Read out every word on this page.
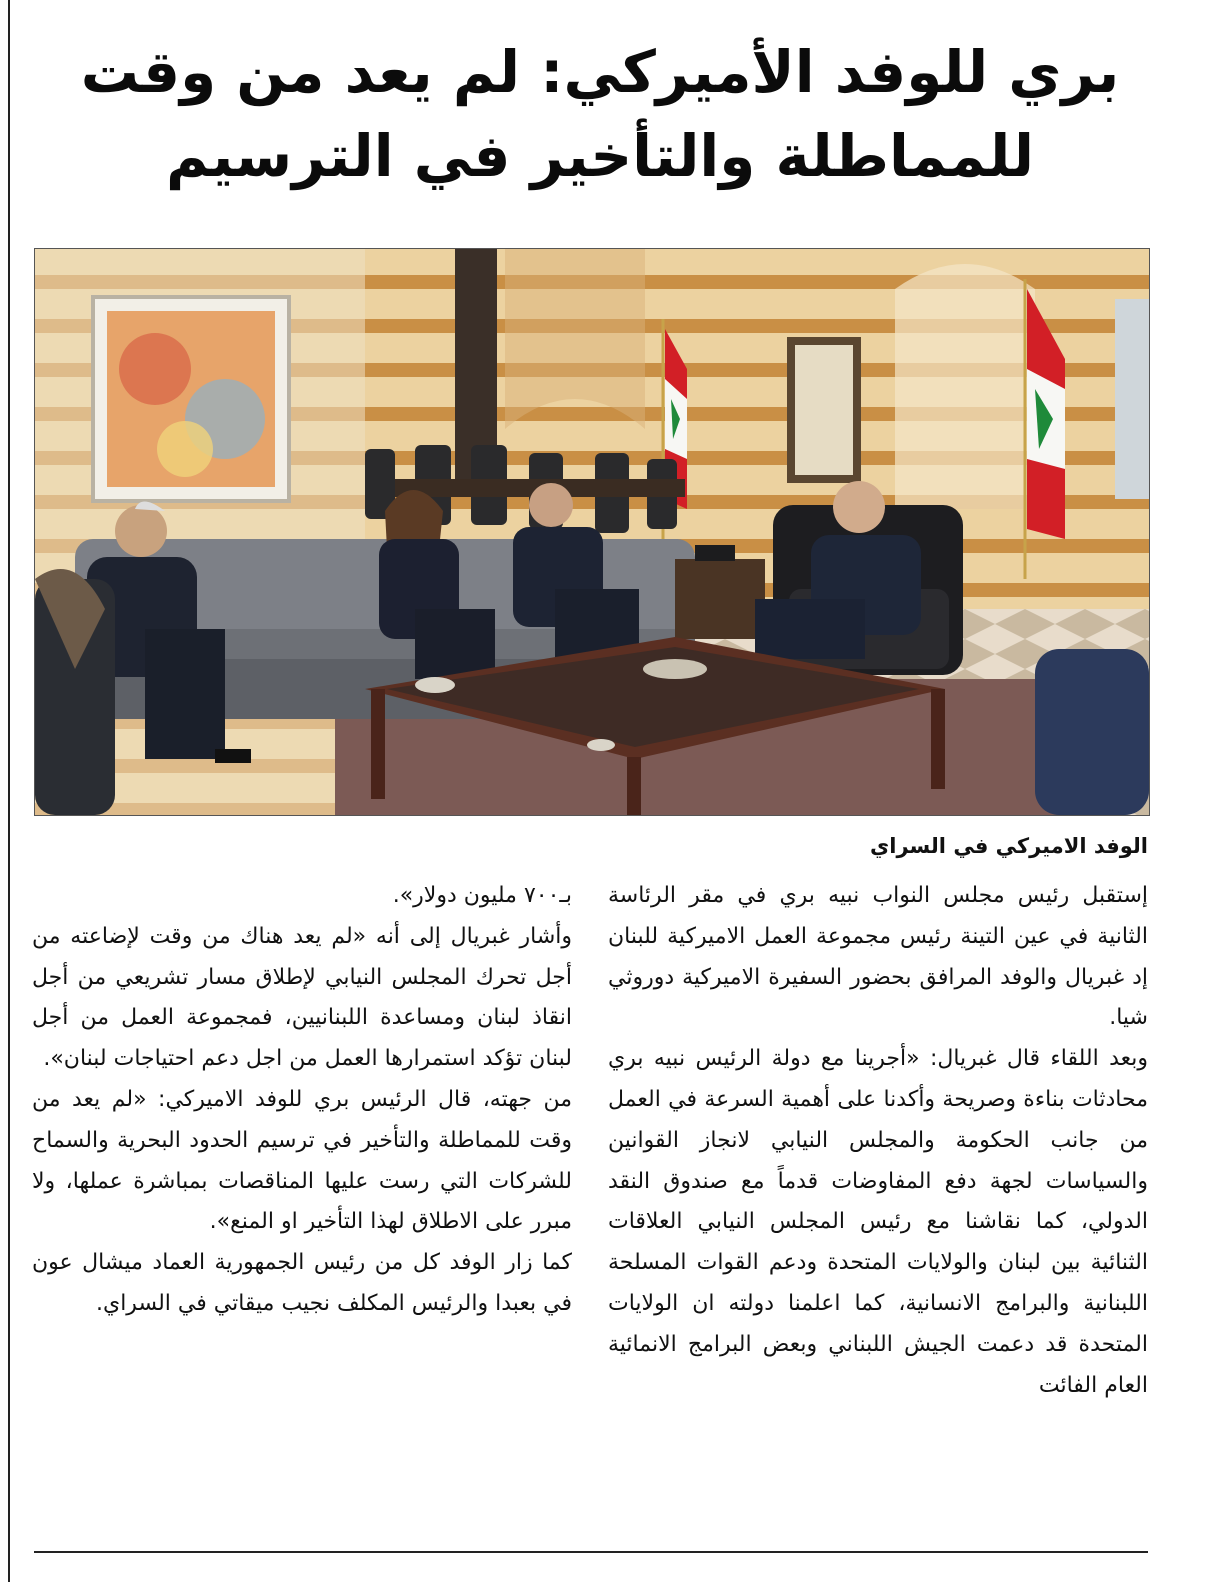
بري للوفد الأميركي: لم يعد من وقت
للمماطلة والتأخير في الترسيم
الوفد الاميركي في السراي

إستقبل رئيس مجلس النواب نبيه بري في مقر الرئاسة الثانية في عين التينة رئيس مجموعة العمل الاميركية للبنان إد غبريال والوفد المرافق بحضور السفيرة الاميركية دوروثي شيا.

وبعد اللقاء قال غبريال: «أجرينا مع دولة الرئيس نبيه بري محادثات بناءة وصريحة وأكدنا على أهمية السرعة في العمل من جانب الحكومة والمجلس النيابي لانجاز القوانين والسياسات لجهة دفع المفاوضات قدماً مع صندوق النقد الدولي، كما نقاشنا مع رئيس المجلس النيابي العلاقات الثنائية بين لبنان والولايات المتحدة ودعم القوات المسلحة اللبنانية والبرامج الانسانية، كما اعلمنا دولته ان الولايات المتحدة قد دعمت الجيش اللبناني وبعض البرامج الانمائية العام الفائت

بـ٧٠٠ مليون دولار».

وأشار غبريال إلى أنه «لم يعد هناك من وقت لإضاعته من أجل تحرك المجلس النيابي لإطلاق مسار تشريعي من أجل انقاذ لبنان ومساعدة اللبنانيين، فمجموعة العمل من أجل لبنان تؤكد استمرارها العمل من اجل دعم احتياجات لبنان».

من جهته، قال الرئيس بري للوفد الاميركي: «لم يعد من وقت للمماطلة والتأخير في ترسيم الحدود البحرية والسماح للشركات التي رست عليها المناقصات بمباشرة عملها، ولا مبرر على الاطلاق لهذا التأخير او المنع».

كما زار الوفد كل من رئيس الجمهورية العماد ميشال عون في بعبدا والرئيس المكلف نجيب ميقاتي في السراي.
